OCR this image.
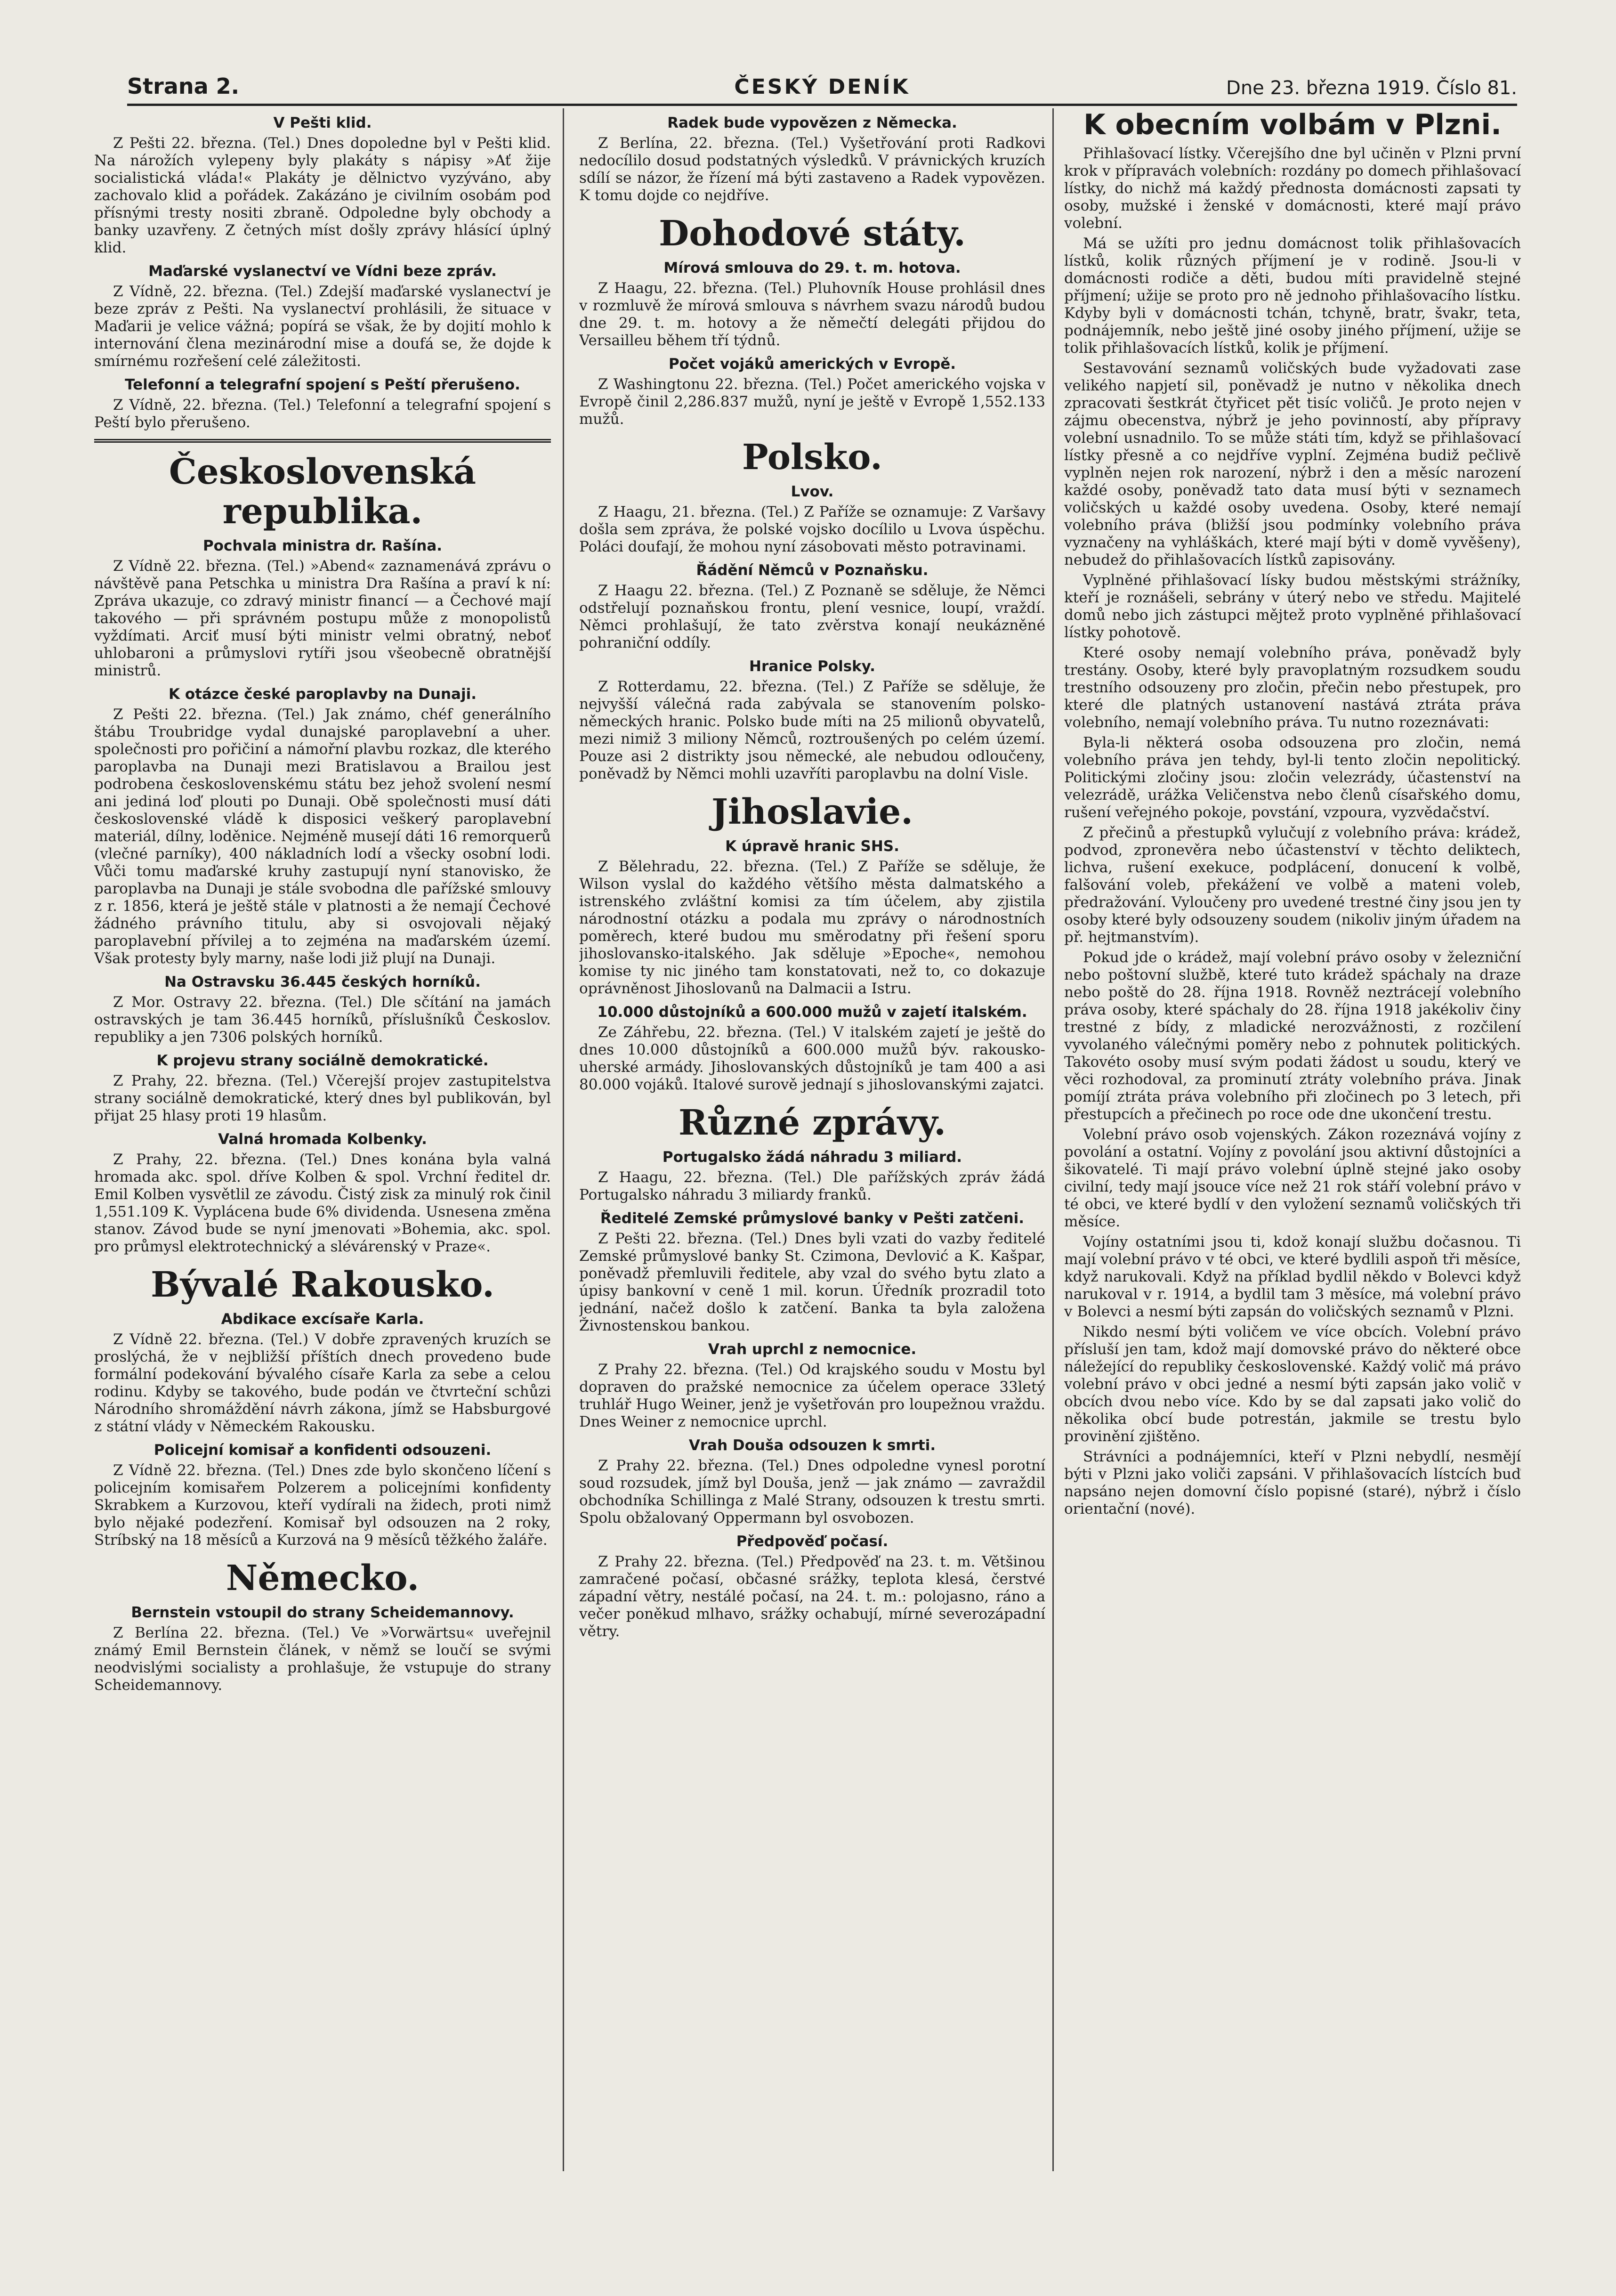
Strana 2.	ČESKÝ DENÍK	Dne 23. března 1919. Číslo 81.
V Pešti klid.

Z Pešti 22. března. (Tel.) Dnes dopoledne byl v Pešti klid. Na nárožích vylepeny byly plakáty s nápisy »Ať žije socialistická vláda!« Plakáty je dělnictvo vyzýváno, aby zachovalo klid a pořádek. Zakázáno je civilním osobám pod přísnými tresty nositi zbraně. Odpoledne byly obchody a banky uzavřeny. Z četných míst došly zprávy hlásící úplný klid.

Maďarské vyslanectví ve Vídni beze zpráv.

Z Vídně, 22. března. (Tel.) Zdejší maďarské vyslanectví je beze zpráv z Pešti. Na vyslanectví prohlásili, že situace v Maďarii je velice vážná; popírá se však, že by dojití mohlo k internování člena mezinárodní mise a doufá se, že dojde k smírnému rozřešení celé záležitosti.

Telefonní a telegrafní spojení s Peští přerušeno.

Z Vídně, 22. března. (Tel.) Telefonní a telegrafní spojení s Peští bylo přerušeno.

Československá republika.
Pochvala ministra dr. Rašína.

Z Vídně 22. března. (Tel.) »Abend« zaznamenává zprávu o návštěvě pana Petschka u ministra Dra Rašína a praví k ní: Zpráva ukazuje, co zdravý ministr financí — a Čechové mají takového — při správném postupu může z monopolistů vyždímati. Arciť musí býti ministr velmi obratný, neboť uhlobaroni a průmyslovi rytíři jsou všeobecně obratnější ministrů.

K otázce české paroplavby na Dunaji.

Z Pešti 22. března. (Tel.) Jak známo, chéf generálního štábu Troubridge vydal dunajské paroplavební a uher. společnosti pro pořičiní a námořní plavbu rozkaz, dle kterého paroplavba na Dunaji mezi Bratislavou a Brailou jest podrobena československému státu bez jehož svolení nesmí ani jediná loď plouti po Dunaji. Obě společnosti musí dáti československé vládě k disposici veškerý paroplavební materiál, dílny, loděnice. Nejméně musejí dáti 16 remorquerů (vlečné parníky), 400 nákladních lodí a všecky osobní lodi. Vůči tomu maďarské kruhy zastupují nyní stanovisko, že paroplavba na Dunaji je stále svobodna dle pařížské smlouvy z r. 1856, která je ještě stále v platnosti a že nemají Čechové žádného právního titulu, aby si osvojovali nějaký paroplavební přívilej a to zejména na maďarském území. Však protesty byly marny, naše lodi již plují na Dunaji.

Na Ostravsku 36.445 českých horníků.

Z Mor. Ostravy 22. března. (Tel.) Dle sčítání na jamách ostravských je tam 36.445 horníků, příslušníků Českoslov. republiky a jen 7306 polských horníků.

K projevu strany sociálně demokratické.

Z Prahy, 22. března. (Tel.) Včerejší projev zastupitelstva strany sociálně demokratické, který dnes byl publikován, byl přijat 25 hlasy proti 19 hlasům.

Valná hromada Kolbenky.

Z Prahy, 22. března. (Tel.) Dnes konána byla valná hromada akc. spol. dříve Kolben & spol. Vrchní ředitel dr. Emil Kolben vysvětlil ze závodu. Čistý zisk za minulý rok činil 1,551.109 K. Vyplácena bude 6% dividenda. Usnesena změna stanov. Závod bude se nyní jmenovati »Bohemia, akc. spol. pro průmysl elektrotechnický a slévárenský v Praze«.

Bývalé Rakousko.
Abdikace excísaře Karla.

Z Vídně 22. března. (Tel.) V dobře zpravených kruzích se proslýchá, že v nejbližší příštích dnech provedeno bude formální podekování bývalého císaře Karla za sebe a celou rodinu. Kdyby se takového, bude podán ve čtvrteční schůzi Národního shromáždění návrh zákona, jímž se Habsburgové z státní vlády v Německém Rakousku.

Policejní komisař a konfidenti odsouzeni.

Z Vídně 22. března. (Tel.) Dnes zde bylo skončeno líčení s policejním komisařem Polzerem a policejními konfidenty Skrabkem a Kurzovou, kteří vydírali na židech, proti nimž bylo nějaké podezření. Komisař byl odsouzen na 2 roky, Stríbský na 18 měsíců a Kurzová na 9 měsíců těžkého žaláře.

Německo.
Bernstein vstoupil do strany Scheidemannovy.

Z Berlína 22. března. (Tel.) Ve »Vorwärtsu« uveřejnil známý Emil Bernstein článek, v němž se loučí se svými neodvislými socialisty a prohlašuje, že vstupuje do strany Scheidemannovy.

Radek bude vypovězen z Německa.

Z Berlína, 22. března. (Tel.) Vyšetřování proti Radkovi nedocílilo dosud podstatných výsledků. V právnických kruzích sdílí se názor, že řízení má býti zastaveno a Radek vypovězen. K tomu dojde co nejdříve.

Dohodové státy.
Mírová smlouva do 29. t. m. hotova.

Z Haagu, 22. března. (Tel.) Pluhovník House prohlásil dnes v rozmluvě že mírová smlouva s návrhem svazu národů budou dne 29. t. m. hotovy a že němečtí delegáti přijdou do Versailleu během tří týdnů.

Počet vojáků amerických v Evropě.

Z Washingtonu 22. března. (Tel.) Počet amerického vojska v Evropě činil 2,286.837 mužů, nyní je ještě v Evropě 1,552.133 mužů.

Polsko.
Lvov.

Z Haagu, 21. března. (Tel.) Z Paříže se oznamuje: Z Varšavy došla sem zpráva, že polské vojsko docílilo u Lvova úspěchu. Poláci doufají, že mohou nyní zásobovati město potravinami.

Řádění Němců v Poznaňsku.

Z Haagu 22. března. (Tel.) Z Poznaně se sděluje, že Němci odstřelují poznaňskou frontu, plení vesnice, loupí, vraždí. Němci prohlašují, že tato zvěrstva konají neukázněné pohraniční oddíly.

Hranice Polsky.

Z Rotterdamu, 22. března. (Tel.) Z Paříže se sděluje, že nejvyšší válečná rada zabývala se stanovením polsko-německých hranic. Polsko bude míti na 25 milionů obyvatelů, mezi nimiž 3 miliony Němců, roztroušených po celém území. Pouze asi 2 distrikty jsou německé, ale nebudou odloučeny, poněvadž by Němci mohli uzavříti paroplavbu na dolní Visle.

Jihoslavie.
K úpravě hranic SHS.

Z Bělehradu, 22. března. (Tel.) Z Paříže se sděluje, že Wilson vyslal do každého většího města dalmatského a istrenského zvláštní komisi za tím účelem, aby zjistila národnostní otázku a podala mu zprávy o národnostních poměrech, které budou mu směrodatny při řešení sporu jihoslovansko-italského. Jak sděluje »Epoche«, nemohou komise ty nic jiného tam konstatovati, než to, co dokazuje oprávněnost Jihoslovanů na Dalmacii a Istru.

10.000 důstojníků a 600.000 mužů v zajetí italském.

Ze Záhřebu, 22. března. (Tel.) V italském zajetí je ještě do dnes 10.000 důstojníků a 600.000 mužů býv. rakousko-uherské armády. Jihoslovanských důstojníků je tam 400 a asi 80.000 vojáků. Italové surově jednají s jihoslovanskými zajatci.

Různé zprávy.
Portugalsko žádá náhradu 3 miliard.

Z Haagu, 22. března. (Tel.) Dle pařížských zpráv žádá Portugalsko náhradu 3 miliardy franků.

Ředitelé Zemské průmyslové banky v Pešti zatčeni.

Z Pešti 22. března. (Tel.) Dnes byli vzati do vazby ředitelé Zemské průmyslové banky St. Czimona, Devlović a K. Kašpar, poněvadž přemluvili ředitele, aby vzal do svého bytu zlato a úpisy bankovní v ceně 1 mil. korun. Úředník prozradil toto jednání, načež došlo k zatčení. Banka ta byla založena Živnostenskou bankou.

Vrah uprchl z nemocnice.

Z Prahy 22. března. (Tel.) Od krajského soudu v Mostu byl dopraven do pražské nemocnice za účelem operace 33letý truhlář Hugo Weiner, jenž je vyšetřován pro loupežnou vraždu. Dnes Weiner z nemocnice uprchl.

Vrah Douša odsouzen k smrti.

Z Prahy 22. března. (Tel.) Dnes odpoledne vynesl porotní soud rozsudek, jímž byl Douša, jenž — jak známo — zavraždil obchodníka Schillinga z Malé Strany, odsouzen k trestu smrti. Spolu obžalovaný Oppermann byl osvobozen.

Předpověď počasí.

Z Prahy 22. března. (Tel.) Předpověď na 23. t. m. Většinou zamračené počasí, občasné srážky, teplota klesá, čerstvé západní větry, nestálé počasí, na 24. t. m.: polojasno, ráno a večer poněkud mlhavo, srážky ochabují, mírné severozápadní větry.

K obecním volbám v Plzni.

Přihlašovací lístky. Včerejšího dne byl učiněn v Plzni první krok v přípravách volebních: rozdány po domech přihlašovací lístky, do nichž má každý přednosta domácnosti zapsati ty osoby, mužské i ženské v domácnosti, které mají právo volební.

Má se užíti pro jednu domácnost tolik přihlašovacích lístků, kolik různých příjmení je v rodině. Jsou-li v domácnosti rodiče a děti, budou míti pravidelně stejné příjmení; užije se proto pro ně jednoho přihlašovacího lístku. Kdyby byli v domácnosti tchán, tchyně, bratr, švakr, teta, podnájemník, nebo ještě jiné osoby jiného příjmení, užije se tolik přihlašovacích lístků, kolik je příjmení.

Sestavování seznamů voličských bude vyžadovati zase velikého napjetí sil, poněvadž je nutno v několika dnech zpracovati šestkrát čtyřicet pět tisíc voličů. Je proto nejen v zájmu obecenstva, nýbrž je jeho povinností, aby přípravy volební usnadnilo. To se může státi tím, když se přihlašovací lístky přesně a co nejdříve vyplní. Zejména budiž pečlivě vyplněn nejen rok narození, nýbrž i den a měsíc narození každé osoby, poněvadž tato data musí býti v seznamech voličských u každé osoby uvedena. Osoby, které nemají volebního práva (bližší jsou podmínky volebního práva vyznačeny na vyhláškách, které mají býti v domě vyvěšeny), nebudež do přihlašovacích lístků zapisovány.

Vyplněné přihlašovací lísky budou městskými strážníky, kteří je roznášeli, sebrány v úterý nebo ve středu. Majitelé domů nebo jich zástupci mějtež proto vyplněné přihlašovací lístky pohotově.

Které osoby nemají volebního práva, poněvadž byly trestány. Osoby, které byly pravoplatným rozsudkem soudu trestního odsouzeny pro zločin, přečin nebo přestupek, pro které dle platných ustanovení nastává ztráta práva volebního, nemají volebního práva. Tu nutno rozeznávati:

Byla-li některá osoba odsouzena pro zločin, nemá volebního práva jen tehdy, byl-li tento zločin nepolitický. Politickými zločiny jsou: zločin velezrády, účastenství na velezrádě, urážka Veličenstva nebo členů císařského domu, rušení veřejného pokoje, povstání, vzpoura, vyzvědačství.

Z přečinů a přestupků vylučují z volebního práva: krádež, podvod, zpronevěra nebo účastenství v těchto deliktech, lichva, rušení exekuce, podplácení, donucení k volbě, falšování voleb, překážení ve volbě a mateni voleb, předražování. Vyloučeny pro uvedené trestné činy jsou jen ty osoby které byly odsouzeny soudem (nikoliv jiným úřadem na př. hejtmanstvím).

Pokud jde o krádež, mají volební právo osoby v železniční nebo poštovní službě, které tuto krádež spáchaly na draze nebo poště do 28. října 1918. Rovněž neztrácejí volebního práva osoby, které spáchaly do 28. října 1918 jakékoliv činy trestné z bídy, z mladické nerozvážnosti, z rozčilení vyvolaného válečnými poměry nebo z pohnutek politických. Takovéto osoby musí svým podati žádost u soudu, který ve věci rozhodoval, za prominutí ztráty volebního práva. Jinak pomíjí ztráta práva volebního při zločinech po 3 letech, při přestupcích a přečinech po roce ode dne ukončení trestu.

Volební právo osob vojenských. Zákon rozeznává vojíny z povolání a ostatní. Vojíny z povolání jsou aktivní důstojníci a šikovatelé. Ti mají právo volební úplně stejné jako osoby civilní, tedy mají jsouce více než 21 rok stáří volební právo v té obci, ve které bydlí v den vyložení seznamů voličských tři měsíce.

Vojíny ostatními jsou ti, kdož konají službu dočasnou. Ti mají volební právo v té obci, ve které bydlili aspoň tři měsíce, když narukovali. Když na příklad bydlil někdo v Bolevci když narukoval v r. 1914, a bydlil tam 3 měsíce, má volební právo v Bolevci a nesmí býti zapsán do voličských seznamů v Plzni.

Nikdo nesmí býti voličem ve více obcích. Volební právo přísluší jen tam, kdož mají domovské právo do některé obce náležející do republiky československé. Každý volič má právo volební právo v obci jedné a nesmí býti zapsán jako volič v obcích dvou nebo více. Kdo by se dal zapsati jako volič do několika obcí bude potrestán, jakmile se trestu bylo provinění zjištěno.

Strávníci a podnájemníci, kteří v Plzni nebydlí, nesmějí býti v Plzni jako voliči zapsáni. V přihlašovacích lístcích buď napsáno nejen domovní číslo popisné (staré), nýbrž i číslo orientační (nové).
